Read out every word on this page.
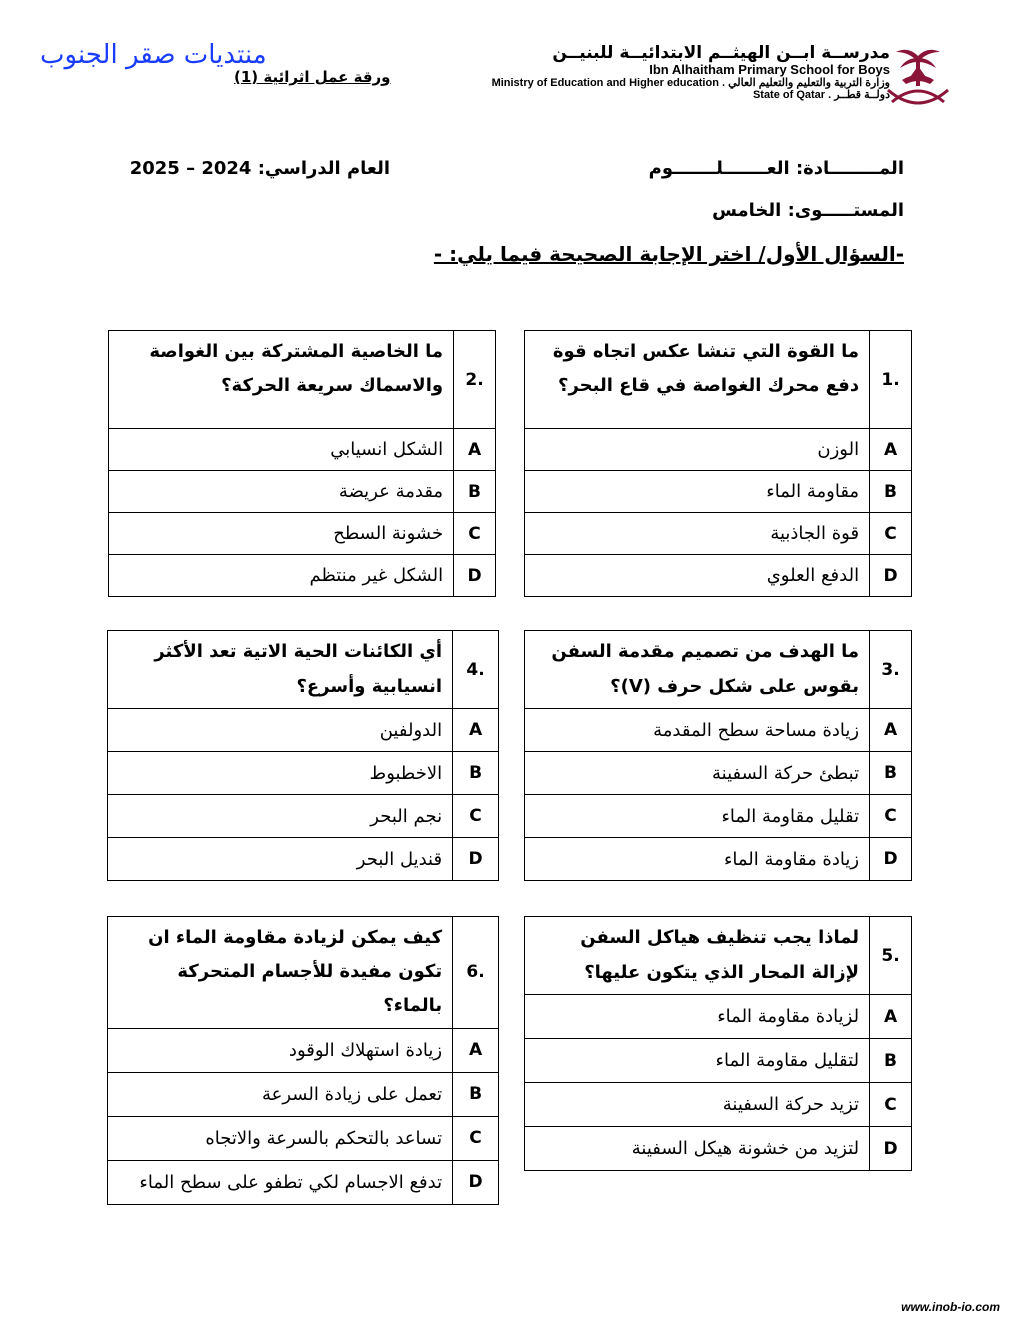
منتديات صقر الجنوب
ورقة عمل اثرائية (1)
مدرســة ابــن الهيثــم الابتدائيــة للبنيــن
Ibn Alhaitham Primary School for Boys
Ministry of Education and Higher education . وزارة التربية والتعليم والتعليم العالي
State of Qatar . دولــة قطــر
المــــــــادة: العـــــــلـــــــوم
العام الدراسي: 2024 – 2025
المستـــــوى: الخامس
-السؤال الأول/ اختر الإجابة الصحيحة فيما يلي: -
ما القوة التي تنشا عكس اتجاه قوة دفع محرك الغواصة في قاع البحر؟	1.
الوزن	A
مقاومة الماء	B
قوة الجاذبية	C
الدفع العلوي	D
ما الخاصية المشتركة بين الغواصة والاسماك سريعة الحركة؟	2.
الشكل انسيابي	A
مقدمة عريضة	B
خشونة السطح	C
الشكل غير منتظم	D
ما الهدف من تصميم مقدمة السفن بقوس على شكل حرف (V)؟	3.
زيادة مساحة سطح المقدمة	A
تبطئ حركة السفينة	B
تقليل مقاومة الماء	C
زيادة مقاومة الماء	D
أي الكائنات الحية الاتية تعد الأكثر انسيابية وأسرع؟	4.
الدولفين	A
الاخطبوط	B
نجم البحر	C
قنديل البحر	D
لماذا يجب تنظيف هياكل السفن لإزالة المحار الذي يتكون عليها؟	5.
لزيادة مقاومة الماء	A
لتقليل مقاومة الماء	B
تزيد حركة السفينة	C
لتزيد من خشونة هيكل السفينة	D
كيف يمكن لزيادة مقاومة الماء ان تكون مفيدة للأجسام المتحركة بالماء؟	6.
زيادة استهلاك الوقود	A
تعمل على زيادة السرعة	B
تساعد بالتحكم بالسرعة والاتجاه	C
تدفع الاجسام لكي تطفو على سطح الماء	D
www.inob-io.com
